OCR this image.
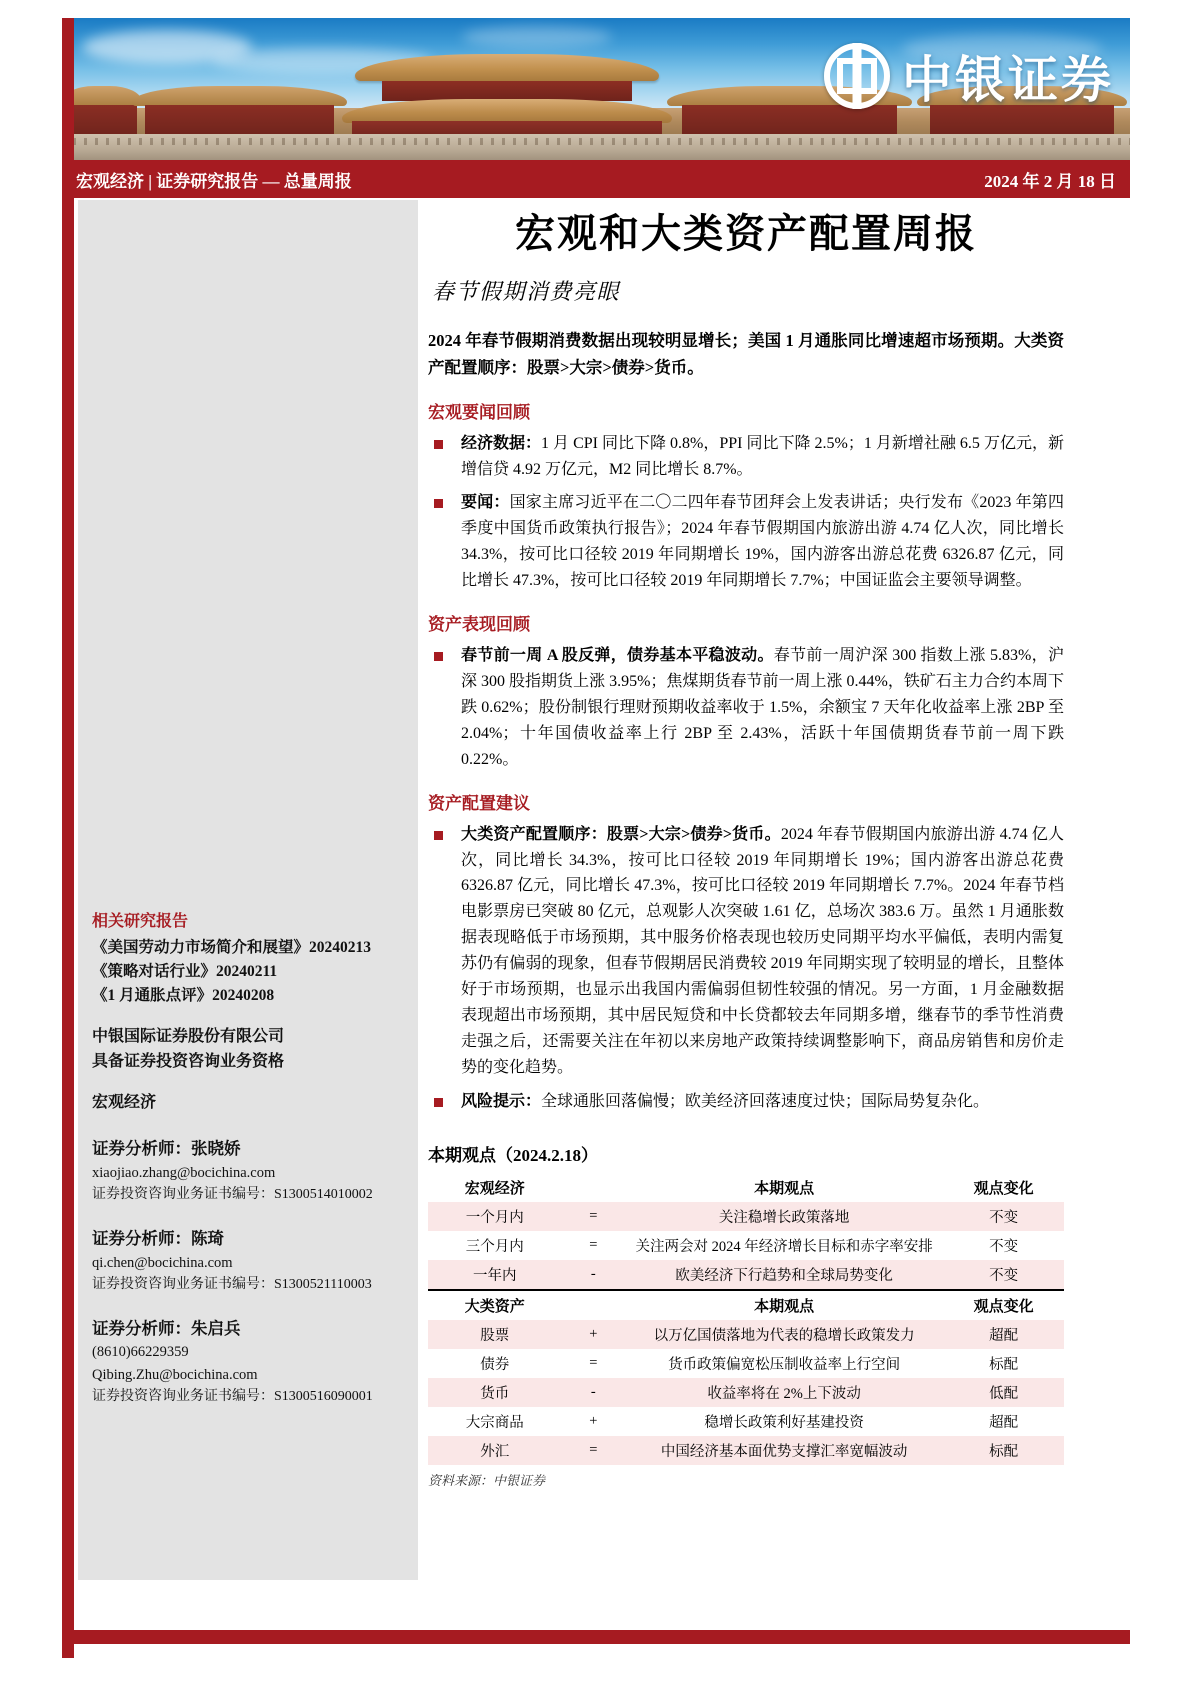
中银证券
宏观经济 | 证券研究报告 — 总量周报	2024 年 2 月 18 日
相关研究报告
《美国劳动力市场简介和展望》20240213
《策略对话行业》20240211
《1 月通胀点评》20240208
中银国际证券股份有限公司
具备证券投资咨询业务资格
宏观经济
证券分析师：张晓娇
xiaojiao.zhang@bocichina.com
证券投资咨询业务证书编号：S1300514010002
证券分析师：陈琦
qi.chen@bocichina.com
证券投资咨询业务证书编号：S1300521110003
证券分析师：朱启兵
(8610)66229359
Qibing.Zhu@bocichina.com
证券投资咨询业务证书编号：S1300516090001
宏观和大类资产配置周报
春节假期消费亮眼
2024 年春节假期消费数据出现较明显增长；美国 1 月通胀同比增速超市场预期。大类资产配置顺序：股票>大宗>债券>货币。
宏观要闻回顾
经济数据：1 月 CPI 同比下降 0.8%，PPI 同比下降 2.5%；1 月新增社融 6.5 万亿元，新增信贷 4.92 万亿元，M2 同比增长 8.7%。
要闻：国家主席习近平在二〇二四年春节团拜会上发表讲话；央行发布《2023 年第四季度中国货币政策执行报告》；2024 年春节假期国内旅游出游 4.74 亿人次，同比增长 34.3%，按可比口径较 2019 年同期增长 19%，国内游客出游总花费 6326.87 亿元，同比增长 47.3%，按可比口径较 2019 年同期增长 7.7%；中国证监会主要领导调整。
资产表现回顾
春节前一周 A 股反弹，债券基本平稳波动。春节前一周沪深 300 指数上涨 5.83%，沪深 300 股指期货上涨 3.95%；焦煤期货春节前一周上涨 0.44%，铁矿石主力合约本周下跌 0.62%；股份制银行理财预期收益率收于 1.5%，余额宝 7 天年化收益率上涨 2BP 至 2.04%；十年国债收益率上行 2BP 至 2.43%，活跃十年国债期货春节前一周下跌 0.22%。
资产配置建议
大类资产配置顺序：股票>大宗>债券>货币。2024 年春节假期国内旅游出游 4.74 亿人次，同比增长 34.3%，按可比口径较 2019 年同期增长 19%；国内游客出游总花费 6326.87 亿元，同比增长 47.3%，按可比口径较 2019 年同期增长 7.7%。2024 年春节档电影票房已突破 80 亿元，总观影人次突破 1.61 亿，总场次 383.6 万。虽然 1 月通胀数据表现略低于市场预期，其中服务价格表现也较历史同期平均水平偏低，表明内需复苏仍有偏弱的现象，但春节假期居民消费较 2019 年同期实现了较明显的增长，且整体好于市场预期，也显示出我国内需偏弱但韧性较强的情况。另一方面，1 月金融数据表现超出市场预期，其中居民短贷和中长贷都较去年同期多增，继春节的季节性消费走强之后，还需要关注在年初以来房地产政策持续调整影响下，商品房销售和房价走势的变化趋势。
风险提示：全球通胀回落偏慢；欧美经济回落速度过快；国际局势复杂化。
本期观点（2024.2.18）
宏观经济		本期观点	观点变化
一个月内	=	关注稳增长政策落地	不变
三个月内	=	关注两会对 2024 年经济增长目标和赤字率安排	不变
一年内	-	欧美经济下行趋势和全球局势变化	不变
大类资产		本期观点	观点变化
股票	+	以万亿国债落地为代表的稳增长政策发力	超配
债券	=	货币政策偏宽松压制收益率上行空间	标配
货币	-	收益率将在 2%上下波动	低配
大宗商品	+	稳增长政策利好基建投资	超配
外汇	=	中国经济基本面优势支撑汇率宽幅波动	标配
资料来源：中银证券
